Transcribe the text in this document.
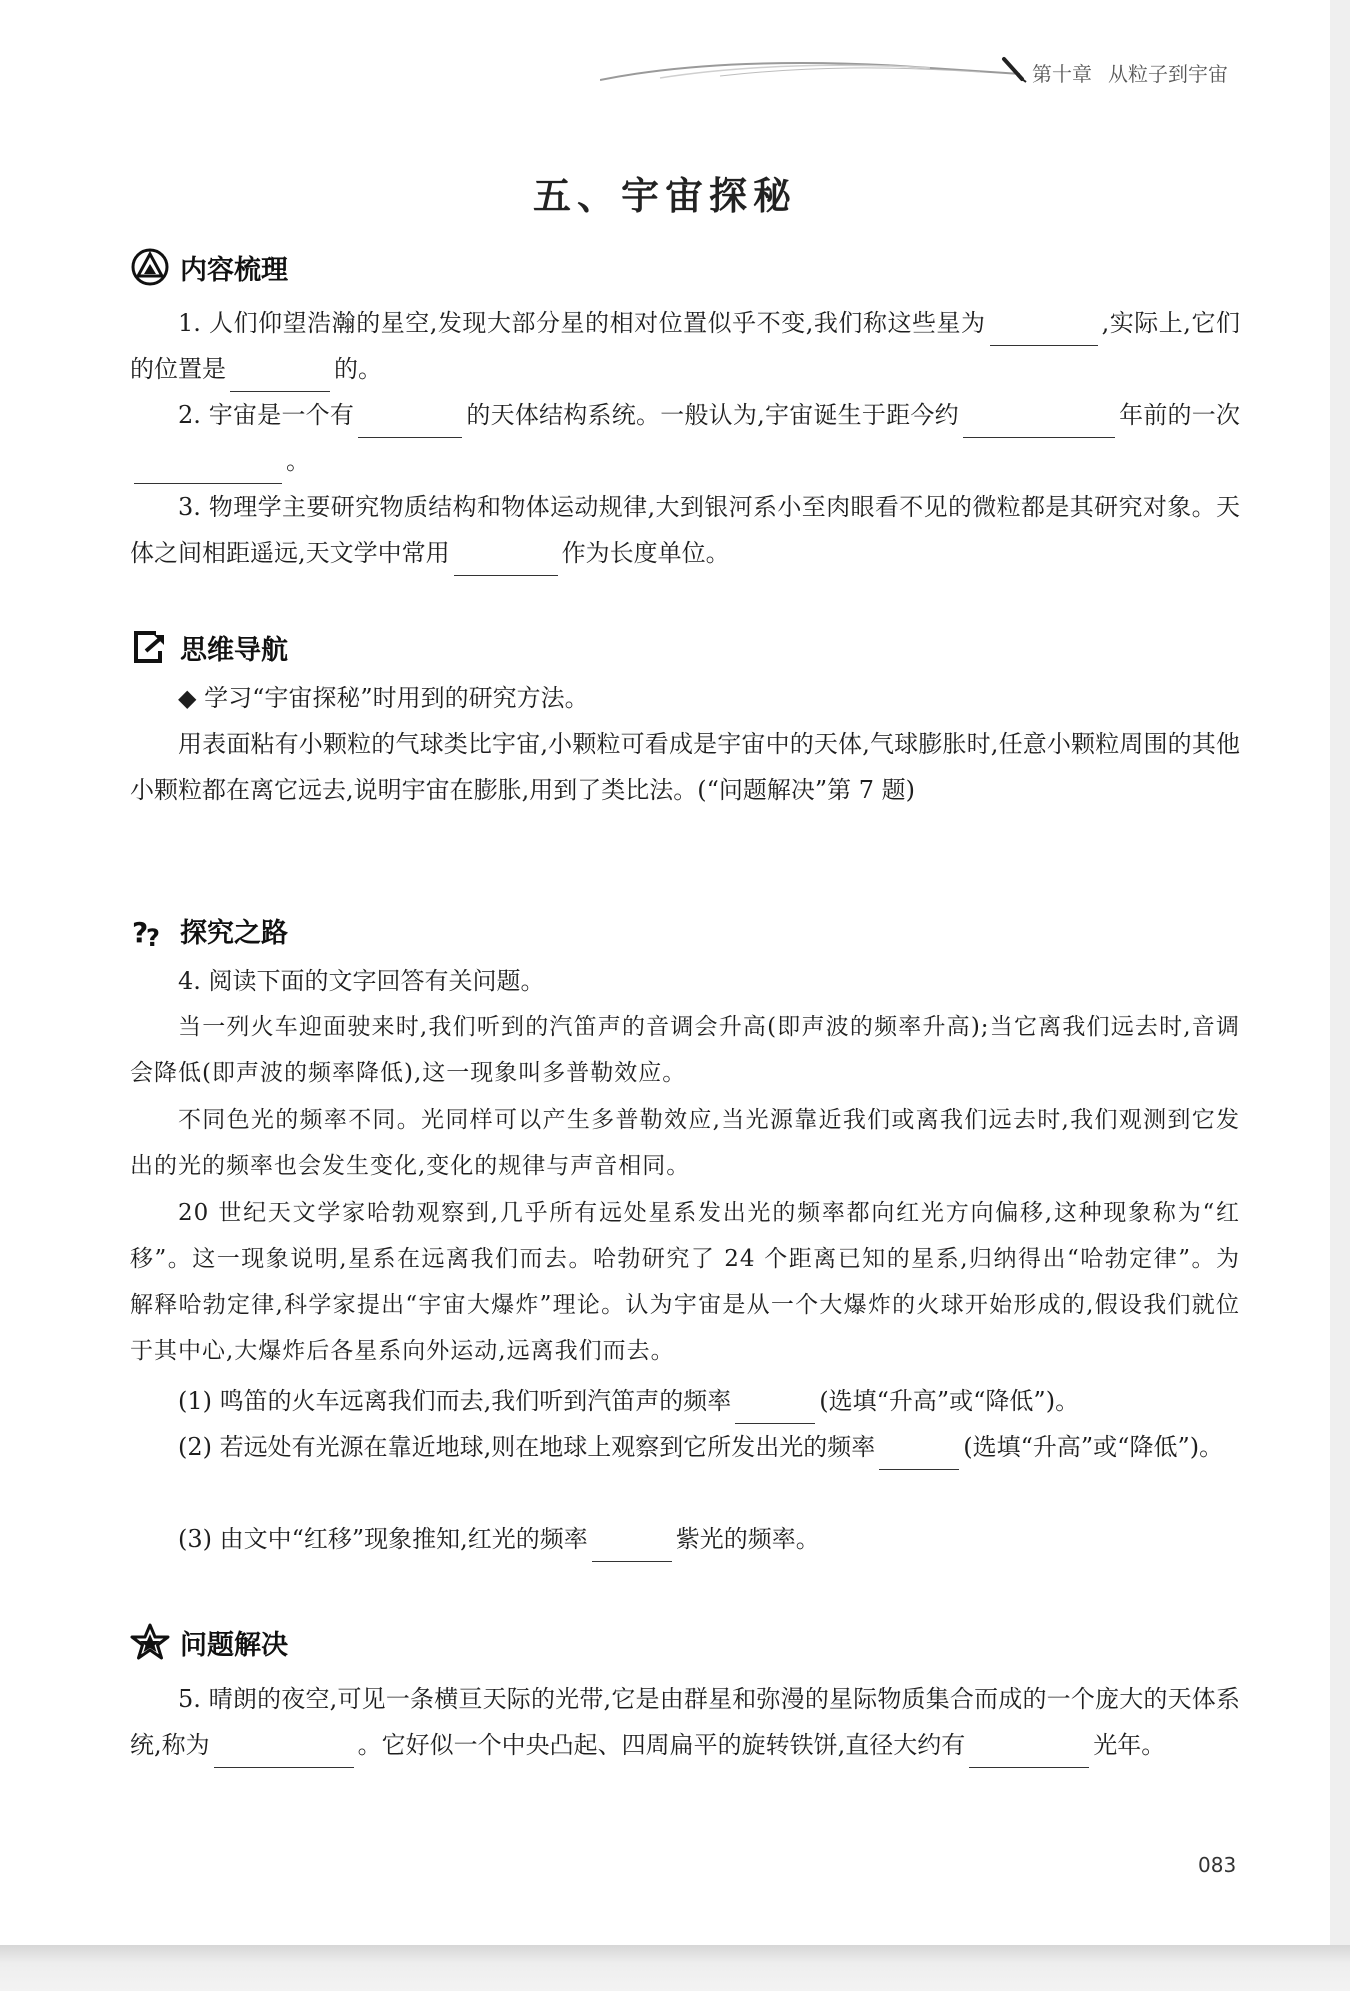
第十章 从粒子到宇宙
五、宇宙探秘
内容梳理
1. 人们仰望浩瀚的星空,发现大部分星的相对位置似乎不变,我们称这些星为	,实际上,它们的位置是	的。
2. 宇宙是一个有	的天体结构系统。一般认为,宇宙诞生于距今约	年前的一次。
3. 物理学主要研究物质结构和物体运动规律,大到银河系小至肉眼看不见的微粒都是其研究对象。天体之间相距遥远,天文学中常用	作为长度单位。
思维导航
◆ 学习“宇宙探秘”时用到的研究方法。
用表面粘有小颗粒的气球类比宇宙,小颗粒可看成是宇宙中的天体,气球膨胀时,任意小颗粒周围的其他小颗粒都在离它远去,说明宇宙在膨胀,用到了类比法。(“问题解决”第 7 题)
?
? 探究之路
4. 阅读下面的文字回答有关问题。
当一列火车迎面驶来时,我们听到的汽笛声的音调会升高(即声波的频率升高);当它离我们远去时,音调会降低(即声波的频率降低),这一现象叫多普勒效应。
不同色光的频率不同。光同样可以产生多普勒效应,当光源靠近我们或离我们远去时,我们观测到它发出的光的频率也会发生变化,变化的规律与声音相同。
20 世纪天文学家哈勃观察到,几乎所有远处星系发出光的频率都向红光方向偏移,这种现象称为“红移”。这一现象说明,星系在远离我们而去。哈勃研究了 24 个距离已知的星系,归纳得出“哈勃定律”。为解释哈勃定律,科学家提出“宇宙大爆炸”理论。认为宇宙是从一个大爆炸的火球开始形成的,假设我们就位于其中心,大爆炸后各星系向外运动,远离我们而去。
(1) 鸣笛的火车远离我们而去,我们听到汽笛声的频率	(选填“升高”或“降低”)。
(2) 若远处有光源在靠近地球,则在地球上观察到它所发出光的频率	(选填“升高”或“降低”)。
(3) 由文中“红移”现象推知,红光的频率	紫光的频率。
问题解决
5. 晴朗的夜空,可见一条横亘天际的光带,它是由群星和弥漫的星际物质集合而成的一个庞大的天体系统,称为	。它好似一个中央凸起、四周扁平的旋转铁饼,直径大约有	光年。
083
